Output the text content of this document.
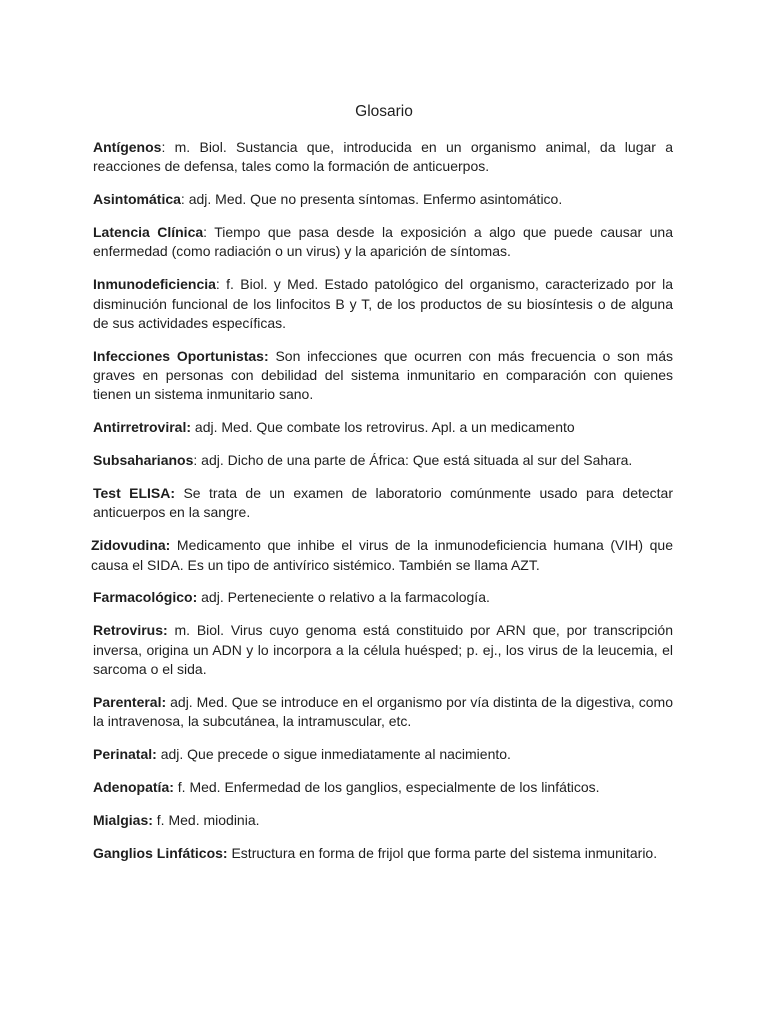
Glosario

Antígenos: m. Biol. Sustancia que, introducida en un organismo animal, da lugar a reacciones de defensa, tales como la formación de anticuerpos.

Asintomática: adj. Med. Que no presenta síntomas. Enfermo asintomático.

Latencia Clínica: Tiempo que pasa desde la exposición a algo que puede causar una enfermedad (como radiación o un virus) y la aparición de síntomas.

Inmunodeficiencia: f. Biol. y Med. Estado patológico del organismo, caracterizado por la disminución funcional de los linfocitos B y T, de los productos de su biosíntesis o de alguna de sus actividades específicas.

Infecciones Oportunistas: Son infecciones que ocurren con más frecuencia o son más graves en personas con debilidad del sistema inmunitario en comparación con quienes tienen un sistema inmunitario sano.

Antirretroviral: adj. Med. Que combate los retrovirus. Apl. a un medicamento

Subsaharianos: adj. Dicho de una parte de África: Que está situada al sur del Sahara.

Test ELISA: Se trata de un examen de laboratorio comúnmente usado para detectar anticuerpos en la sangre.

Zidovudina: Medicamento que inhibe el virus de la inmunodeficiencia humana (VIH) que causa el SIDA. Es un tipo de antivírico sistémico. También se llama AZT.

Farmacológico: adj. Perteneciente o relativo a la farmacología.

Retrovirus: m. Biol. Virus cuyo genoma está constituido por ARN que, por transcripción inversa, origina un ADN y lo incorpora a la célula huésped; p. ej., los virus de la leucemia, el sarcoma o el sida.

Parenteral: adj. Med. Que se introduce en el organismo por vía distinta de la digestiva, como la intravenosa, la subcutánea, la intramuscular, etc.

Perinatal: adj. Que precede o sigue inmediatamente al nacimiento.

Adenopatía: f. Med. Enfermedad de los ganglios, especialmente de los linfáticos.

Mialgias: f. Med. miodinia.

Ganglios Linfáticos: Estructura en forma de frijol que forma parte del sistema inmunitario.
